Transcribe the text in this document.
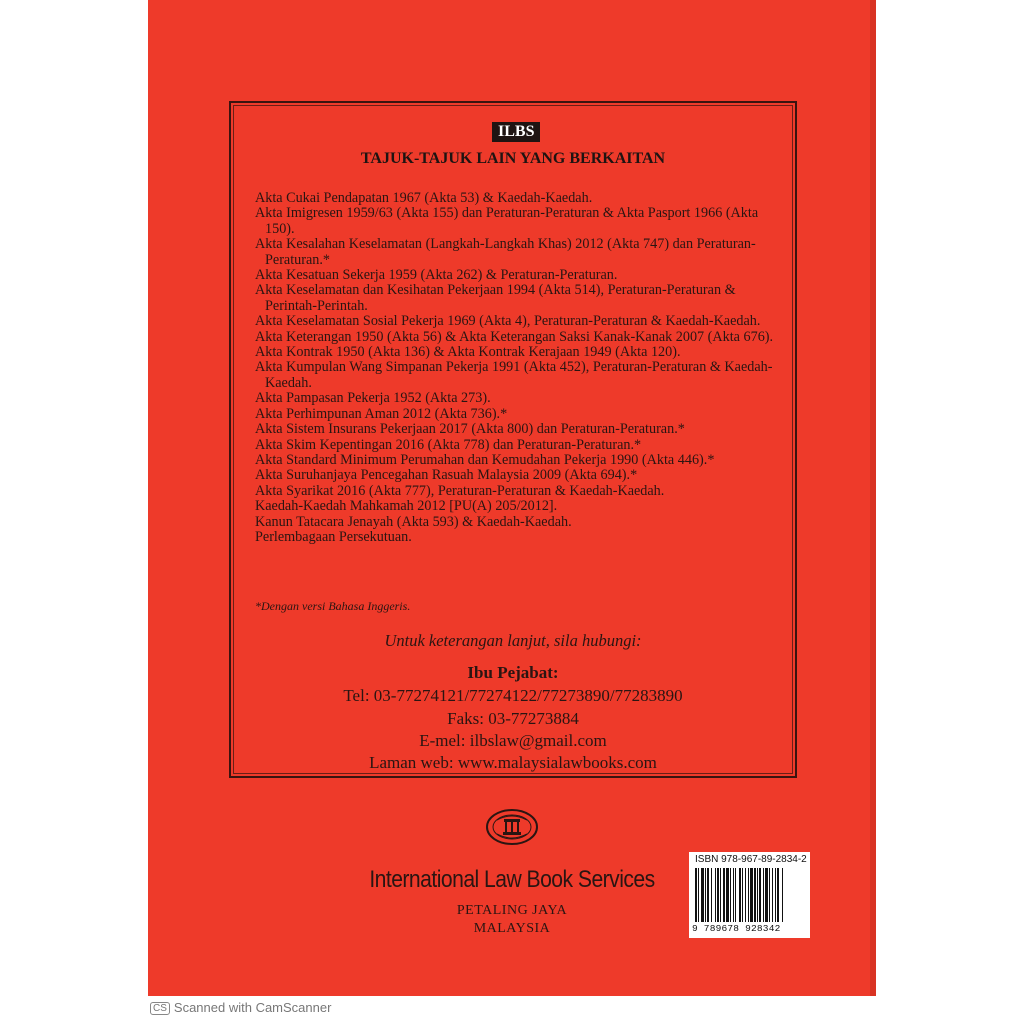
ILBS
TAJUK-TAJUK LAIN YANG BERKAITAN
Akta Cukai Pendapatan 1967 (Akta 53) & Kaedah-Kaedah.
Akta Imigresen 1959/63 (Akta 155) dan Peraturan-Peraturan & Akta Pasport 1966 (Akta 150).
Akta Kesalahan Keselamatan (Langkah-Langkah Khas) 2012 (Akta 747) dan Peraturan-Peraturan.*
Akta Kesatuan Sekerja 1959 (Akta 262) & Peraturan-Peraturan.
Akta Keselamatan dan Kesihatan Pekerjaan 1994 (Akta 514), Peraturan-Peraturan & Perintah-Perintah.
Akta Keselamatan Sosial Pekerja 1969 (Akta 4), Peraturan-Peraturan & Kaedah-Kaedah.
Akta Keterangan 1950 (Akta 56) & Akta Keterangan Saksi Kanak-Kanak 2007 (Akta 676).
Akta Kontrak 1950 (Akta 136) & Akta Kontrak Kerajaan 1949 (Akta 120).
Akta Kumpulan Wang Simpanan Pekerja 1991 (Akta 452), Peraturan-Peraturan & Kaedah-Kaedah.
Akta Pampasan Pekerja 1952 (Akta 273).
Akta Perhimpunan Aman 2012 (Akta 736).*
Akta Sistem Insurans Pekerjaan 2017 (Akta 800) dan Peraturan-Peraturan.*
Akta Skim Kepentingan 2016 (Akta 778) dan Peraturan-Peraturan.*
Akta Standard Minimum Perumahan dan Kemudahan Pekerja 1990 (Akta 446).*
Akta Suruhanjaya Pencegahan Rasuah Malaysia 2009 (Akta 694).*
Akta Syarikat 2016 (Akta 777), Peraturan-Peraturan & Kaedah-Kaedah.
Kaedah-Kaedah Mahkamah 2012 [PU(A) 205/2012].
Kanun Tatacara Jenayah (Akta 593) & Kaedah-Kaedah.
Perlembagaan Persekutuan.
*Dengan versi Bahasa Inggeris.
Untuk keterangan lanjut, sila hubungi:
Ibu Pejabat:
Tel: 03-77274121/77274122/77273890/77283890
Faks: 03-77273884
E-mel: ilbslaw@gmail.com
Laman web: www.malaysialawbooks.com
International Law Book Services
PETALING JAYA
MALAYSIA
ISBN 978-967-89-2834-2
9 789678 928342
CS Scanned with CamScanner
